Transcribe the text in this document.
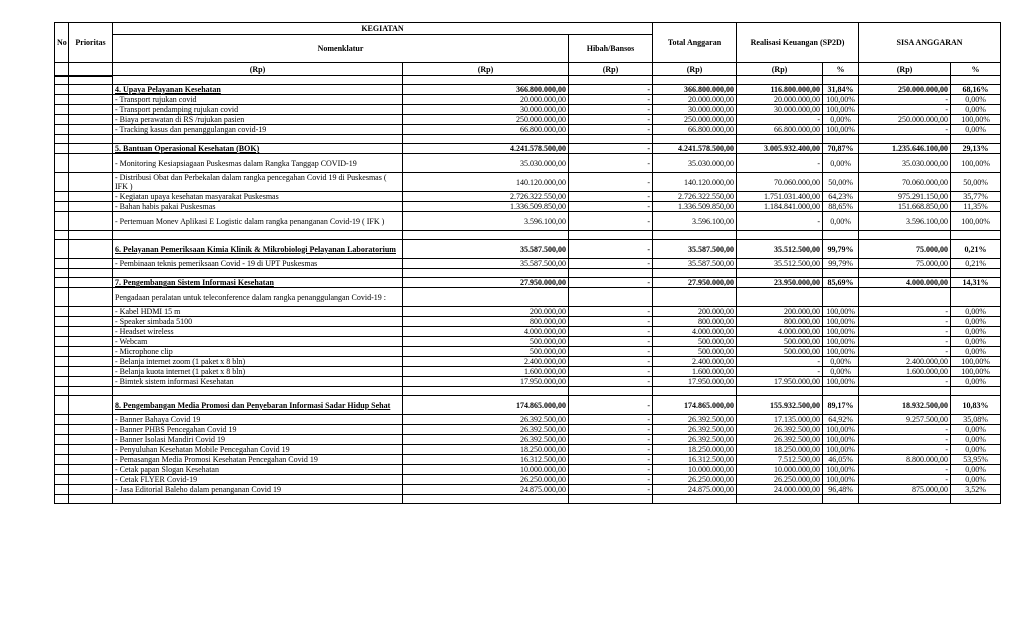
No	Prioritas	KEGIATAN			Total Anggaran	Realisasi Keuangan (SP2D)		SISA ANGGARAN	
		Nomenklatur		Hibah/Bansos					

		(Rp)	(Rp)	(Rp)	(Rp)	(Rp)	%	(Rp)	%

		4. Upaya Pelayanan Kesehatan	366.800.000,00	-	366.800.000,00	116.800.000,00	31,84%	250.000.000,00	68,16%
		- Transport rujukan covid	20.000.000,00	-	20.000.000,00	20.000.000,00	100,00%	-	0,00%
		- Transport pendamping rujukan covid	30.000.000,00	-	30.000.000,00	30.000.000,00	100,00%	-	0,00%
		- Biaya perawatan di RS /rujukan pasien	250.000.000,00	-	250.000.000,00	-	0,00%	250.000.000,00	100,00%
		- Tracking kasus dan penanggulangan covid-19	66.800.000,00	-	66.800.000,00	66.800.000,00	100,00%	-	0,00%

		5. Bantuan Operasional Kesehatan (BOK)	4.241.578.500,00	-	4.241.578.500,00	3.005.932.400,00	70,87%	1.235.646.100,00	29,13%
		- Monitoring Kesiapsiagaan Puskesmas dalam Rangka Tanggap COVID-19	35.030.000,00	-	35.030.000,00	-	0,00%	35.030.000,00	100,00%
		- Distribusi Obat dan Perbekalan dalam rangka pencegahan Covid 19 di Puskesmas ( IFK )	140.120.000,00	-	140.120.000,00	70.060.000,00	50,00%	70.060.000,00	50,00%
		- Kegiatan upaya kesehatan masyarakat Puskesmas	2.726.322.550,00	-	2.726.322.550,00	1.751.031.400,00	64,23%	975.291.150,00	35,77%
		- Bahan habis pakai Puskesmas	1.336.509.850,00	-	1.336.509.850,00	1.184.841.000,00	88,65%	151.668.850,00	11,35%
		- Pertemuan Monev Aplikasi E Logistic dalam rangka penanganan Covid-19 ( IFK )	3.596.100,00	-	3.596.100,00	-	0,00%	3.596.100,00	100,00%

		6. Pelayanan Pemeriksaan Kimia Klinik & Mikrobiologi Pelayanan Laboratorium	35.587.500,00	-	35.587.500,00	35.512.500,00	99,79%	75.000,00	0,21%
		- Pembinaan teknis pemeriksaan Covid - 19 di UPT Puskesmas	35.587.500,00	-	35.587.500,00	35.512.500,00	99,79%	75.000,00	0,21%

		7. Pengembangan Sistem Informasi Kesehatan	27.950.000,00	-	27.950.000,00	23.950.000,00	85,69%	4.000.000,00	14,31%
		Pengadaan peralatan untuk teleconference dalam rangka penanggulangan Covid-19 :							
		- Kabel HDMI 15 m	200.000,00	-	200.000,00	200.000,00	100,00%	-	0,00%
		- Speaker simbada 5100	800.000,00	-	800.000,00	800.000,00	100,00%	-	0,00%
		- Headset wireless	4.000.000,00	-	4.000.000,00	4.000.000,00	100,00%	-	0,00%
		- Webcam	500.000,00	-	500.000,00	500.000,00	100,00%	-	0,00%
		- Microphone clip	500.000,00	-	500.000,00	500.000,00	100,00%	-	0,00%
		- Belanja internet zoom (1 paket x 8 bln)	2.400.000,00	-	2.400.000,00	-	0,00%	2.400.000,00	100,00%
		- Belanja kuota internet (1 paket x 8 bln)	1.600.000,00	-	1.600.000,00	-	0,00%	1.600.000,00	100,00%
		- Bimtek sistem informasi Kesehatan	17.950.000,00	-	17.950.000,00	17.950.000,00	100,00%	-	0,00%

		8. Pengembangan Media Promosi dan Penyebaran Informasi Sadar Hidup Sehat	174.865.000,00	-	174.865.000,00	155.932.500,00	89,17%	18.932.500,00	10,83%
		- Banner Bahaya Covid 19	26.392.500,00	-	26.392.500,00	17.135.000,00	64,92%	9.257.500,00	35,08%
		- Banner PHBS Pencegahan Covid 19	26.392.500,00	-	26.392.500,00	26.392.500,00	100,00%	-	0,00%
		- Banner Isolasi Mandiri Covid 19	26.392.500,00	-	26.392.500,00	26.392.500,00	100,00%	-	0,00%
		- Penyuluhan Kesehatan Mobile Pencegahan Covid 19	18.250.000,00	-	18.250.000,00	18.250.000,00	100,00%	-	0,00%
		- Pemasangan Media Promosi Kesehatan Pencegahan Covid 19	16.312.500,00	-	16.312.500,00	7.512.500,00	46,05%	8.800.000,00	53,95%
		- Cetak papan Slogan Kesehatan	10.000.000,00	-	10.000.000,00	10.000.000,00	100,00%	-	0,00%
		- Cetak FLYER Covid-19	26.250.000,00	-	26.250.000,00	26.250.000,00	100,00%	-	0,00%
		- Jasa Editorial Baleho dalam penanganan Covid 19	24.875.000,00	-	24.875.000,00	24.000.000,00	96,48%	875.000,00	3,52%
